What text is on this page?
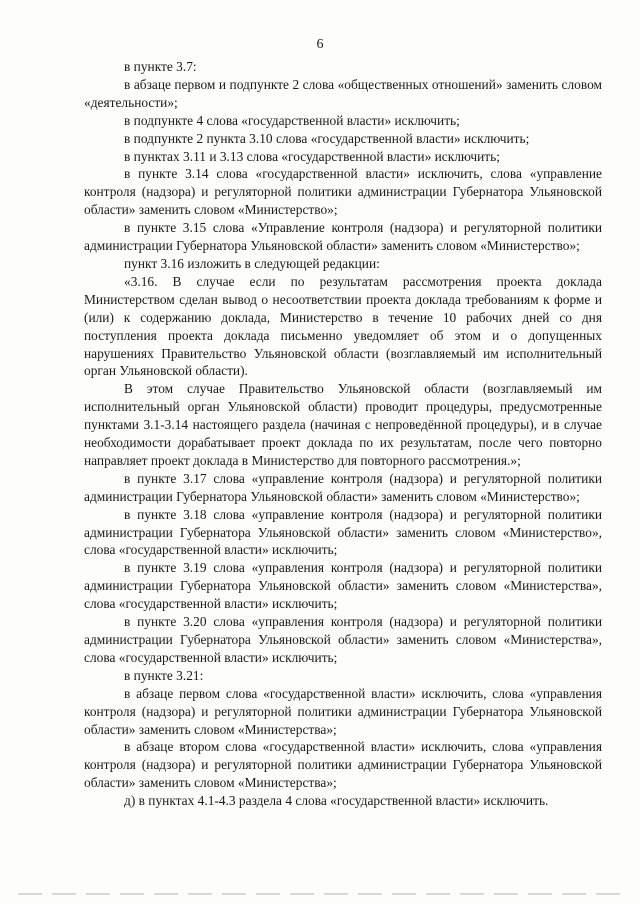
6

в пункте 3.7:

в абзаце первом и подпункте 2 слова «общественных отношений» заменить словом «деятельности»;

в подпункте 4 слова «государственной власти» исключить;

в подпункте 2 пункта 3.10 слова «государственной власти» исключить;

в пунктах 3.11 и 3.13 слова «государственной власти» исключить;

в пункте 3.14 слова «государственной власти» исключить, слова «управление контроля (надзора) и регуляторной политики администрации Губернатора Ульяновской области» заменить словом «Министерство»;

в пункте 3.15 слова «Управление контроля (надзора) и регуляторной политики администрации Губернатора Ульяновской области» заменить словом «Министерство»;

пункт 3.16 изложить в следующей редакции:

«3.16. В случае если по результатам рассмотрения проекта доклада Министерством сделан вывод о несоответствии проекта доклада требованиям к форме и (или) к содержанию доклада, Министерство в течение 10 рабочих дней со дня поступления проекта доклада письменно уведомляет об этом и о допущенных нарушениях Правительство Ульяновской области (возглавляемый им исполнительный орган Ульяновской области).

В этом случае Правительство Ульяновской области (возглавляемый им исполнительный орган Ульяновской области) проводит процедуры, предусмотренные пунктами 3.1-3.14 настоящего раздела (начиная с непроведённой процедуры), и в случае необходимости дорабатывает проект доклада по их результатам, после чего повторно направляет проект доклада в Министерство для повторного рассмотрения.»;

в пункте 3.17 слова «управление контроля (надзора) и регуляторной политики администрации Губернатора Ульяновской области» заменить словом «Министерство»;

в пункте 3.18 слова «управление контроля (надзора) и регуляторной политики администрации Губернатора Ульяновской области» заменить словом «Министерство», слова «государственной власти» исключить;

в пункте 3.19 слова «управления контроля (надзора) и регуляторной политики администрации Губернатора Ульяновской области» заменить словом «Министерства», слова «государственной власти» исключить;

в пункте 3.20 слова «управления контроля (надзора) и регуляторной политики администрации Губернатора Ульяновской области» заменить словом «Министерства», слова «государственной власти» исключить;

в пункте 3.21:

в абзаце первом слова «государственной власти» исключить, слова «управления контроля (надзора) и регуляторной политики администрации Губернатора Ульяновской области» заменить словом «Министерства»;

в абзаце втором слова «государственной власти» исключить, слова «управления контроля (надзора) и регуляторной политики администрации Губернатора Ульяновской области» заменить словом «Министерства»;

д) в пунктах 4.1-4.3 раздела 4 слова «государственной власти» исключить.
